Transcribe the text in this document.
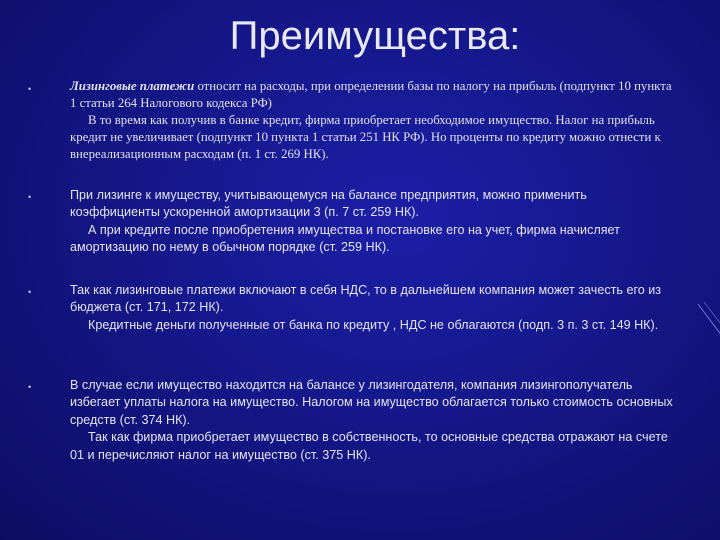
Преимущества:
•	Лизинговые платежи относит на расходы, при определении базы по налогу на прибыль (подпункт 10 пункта 1 статьи 264 Налогового кодекса РФ)
В то время как получив в банке кредит, фирма приобретает необходимое имущество. Налог на прибыль кредит не увеличивает (подпункт 10 пункта 1 статьи 251 НК РФ). Но проценты по кредиту можно отнести к внереализационным расходам (п. 1 ст. 269 НК).
•	При лизинге к имуществу, учитывающемуся на балансе предприятия, можно применить коэффициенты ускоренной амортизации 3 (п. 7 ст. 259 НК).
А при кредите после приобретения имущества и постановке его на учет, фирма начисляет амортизацию по нему в обычном порядке (ст. 259 НК).
•	Так как лизинговые платежи включают в себя НДС, то в дальнейшем компания может зачесть его из бюджета (ст. 171, 172 НК).
Кредитные деньги полученные от банка по кредиту , НДС не облагаются (подп. 3 п. 3 ст. 149 НК).
•	В случае если имущество находится на балансе у лизингодателя, компания лизингополучатель избегает уплаты налога на имущество. Налогом на имущество облагается только стоимость основных средств (ст. 374 НК).
Так как фирма приобретает имущество в собственность, то основные средства отражают на счете 01 и перечисляют налог на имущество (ст. 375 НК).
